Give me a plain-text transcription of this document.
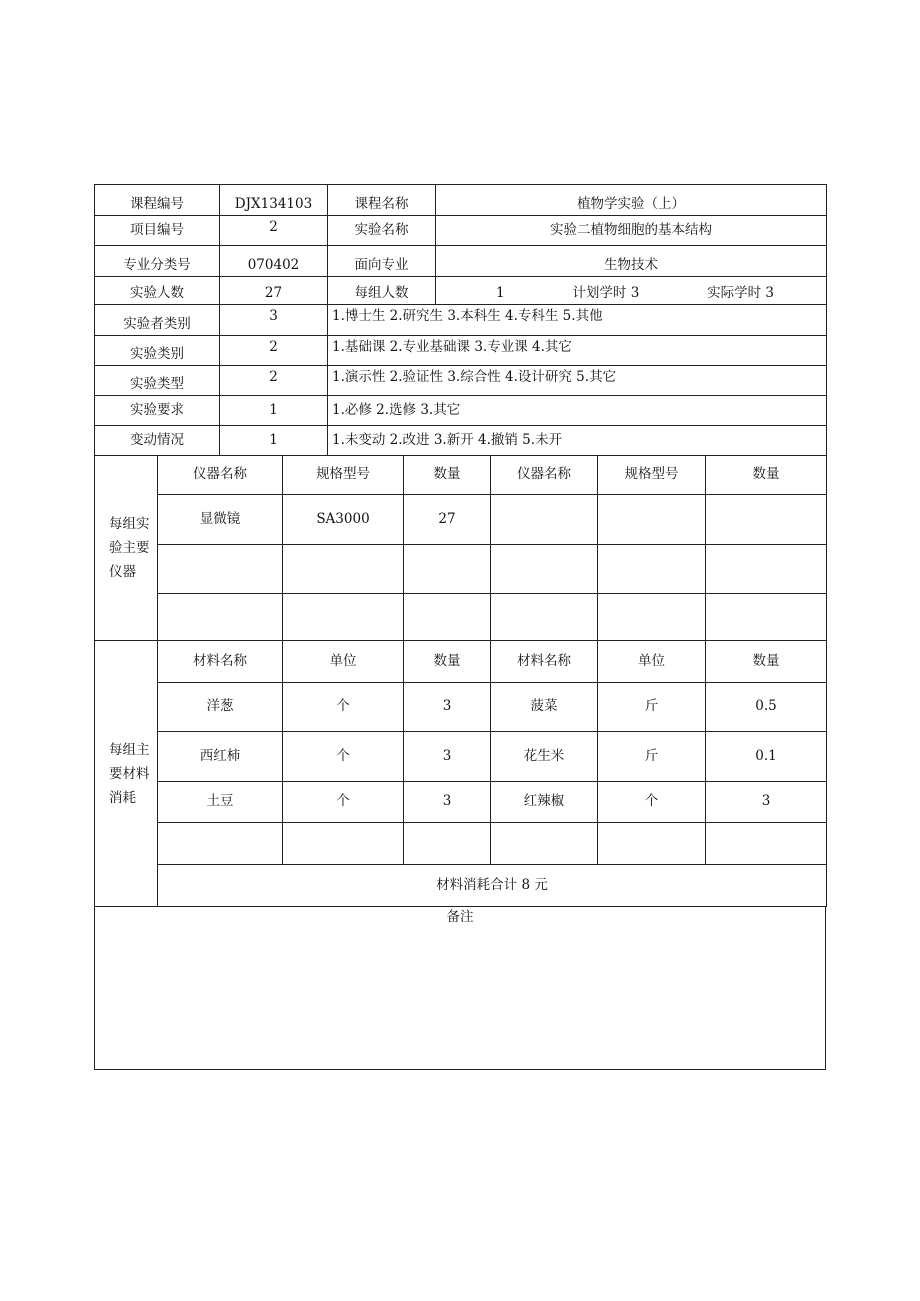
课程编号	DJX134103	课程名称	植物学实验（上）
项目编号	2	实验名称	实验二植物细胞的基本结构
专业分类号	070402	面向专业	生物技术
实验人数	27	每组人数	1 计划学时 3 实际学时 3
实验者类别	3	1.博士生 2.研究生 3.本科生 4.专科生 5.其他
实验类别	2	1.基础课 2.专业基础课 3.专业课 4.其它
实验类型	2	1.演示性 2.验证性 3.综合性 4.设计研究 5.其它
实验要求	1	1.必修 2.选修 3.其它
变动情况	1	1.未变动 2.改进 3.新开 4.撤销 5.未开
每组实验主要仪器	仪器名称	规格型号	数量	仪器名称	规格型号	数量
	显微镜	SA3000	27			

每组主要材料消耗	材料名称	单位	数量	材料名称	单位	数量
	洋葱	个	3	菠菜	斤	0.5
	西红柿	个	3	花生米	斤	0.1
	土豆	个	3	红辣椒	个	3

	材料消耗合计 8 元					
备注
